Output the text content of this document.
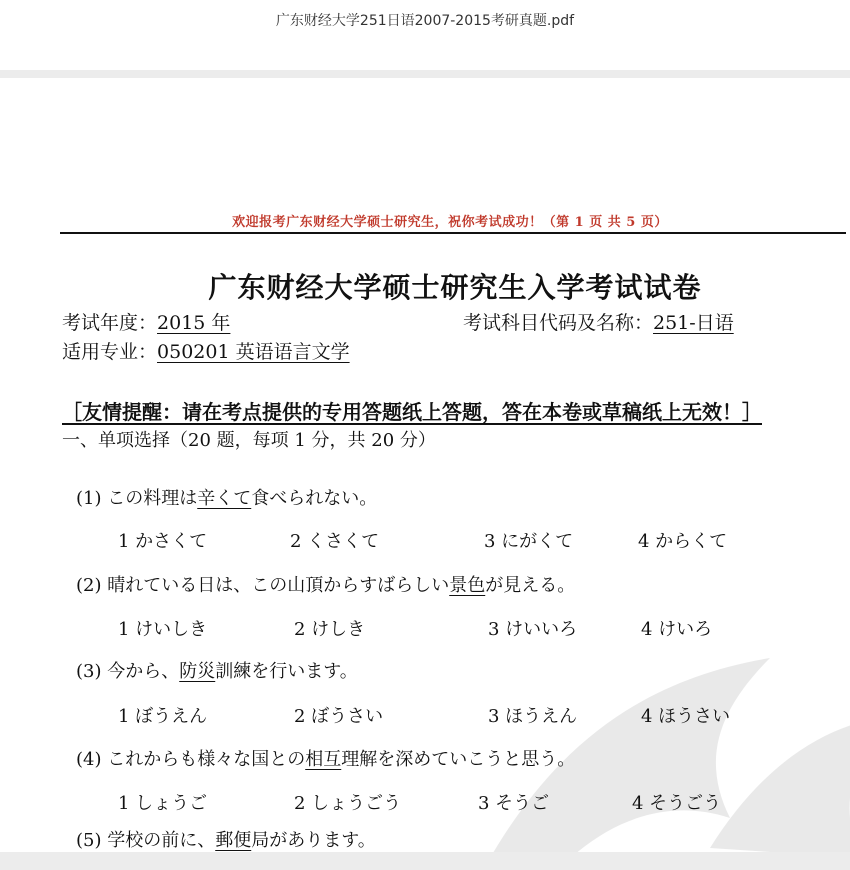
广东财经大学251日语2007-2015考研真题.pdf
欢迎报考广东财经大学硕士研究生，祝你考试成功！（第 1 页 共 5 页）
广东财经大学硕士研究生入学考试试卷
考试年度：2015 年	考试科目代码及名称：251-日语
适用专业：050201 英语语言文学
［友情提醒：请在考点提供的专用答题纸上答题，答在本卷或草稿纸上无效！］
一、单项选择（20 题，每项 1 分，共 20 分）
(1) この料理は辛くて食べられない。
1 かさくて	2 くさくて	3 にがくて	4 からくて
(2) 晴れている日は、この山頂からすばらしい景色が見える。
1 けいしき	2 けしき	3 けいいろ	4 けいろ
(3) 今から、防災訓練を行います。
1 ぼうえん	2 ぼうさい	3 ほうえん	4 ほうさい
(4) これからも様々な国との相互理解を深めていこうと思う。
1 しょうご	2 しょうごう	3 そうご	4 そうごう
(5) 学校の前に、郵便局があります。
